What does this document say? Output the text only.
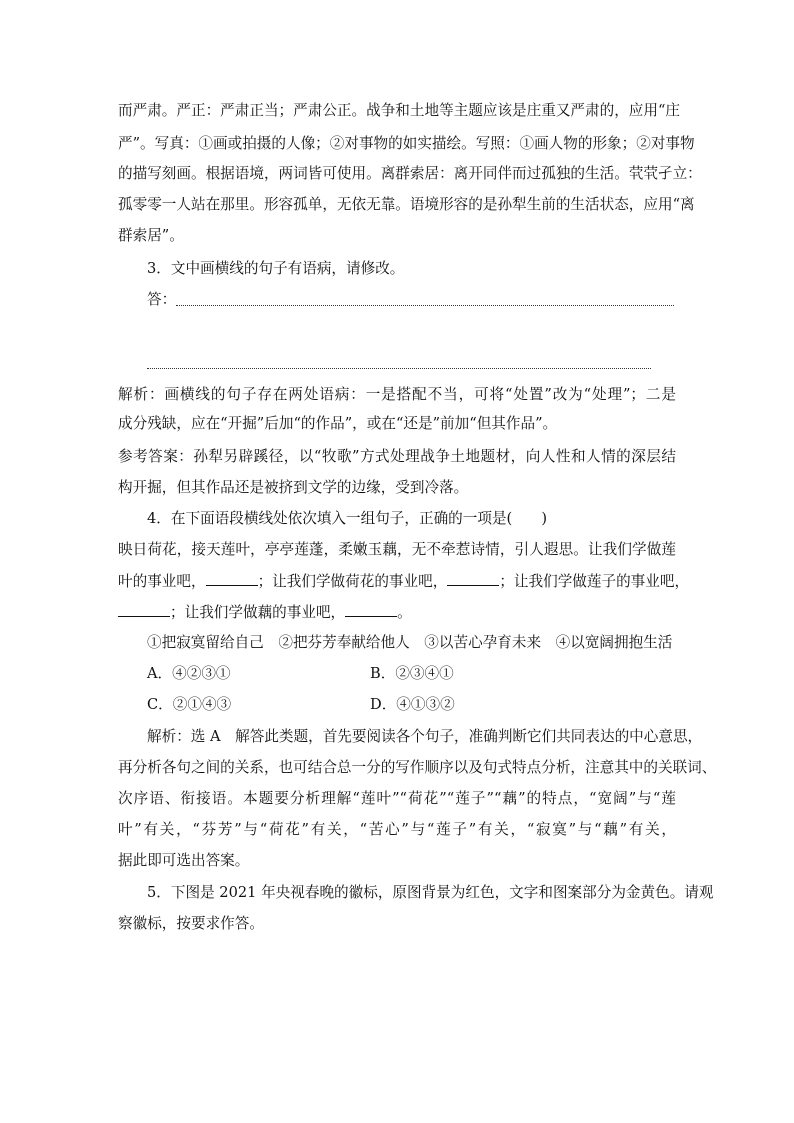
而严肃。严正：严肃正当；严肃公正。战争和土地等主题应该是庄重又严肃的，应用“庄
严”。写真：①画或拍摄的人像；②对事物的如实描绘。写照：①画人物的形象；②对事物
的描写刻画。根据语境，两词皆可使用。离群索居：离开同伴而过孤独的生活。茕茕孑立：
孤零零一人站在那里。形容孤单，无依无靠。语境形容的是孙犁生前的生活状态，应用“离
群索居”。
3．文中画横线的句子有语病，请修改。
答：
解析：画横线的句子存在两处语病：一是搭配不当，可将“处置”改为“处理”；二是
成分残缺，应在“开掘”后加“的作品”，或在“还是”前加“但其作品”。
参考答案：孙犁另辟蹊径，以“牧歌”方式处理战争土地题材，向人性和人情的深层结
构开掘，但其作品还是被挤到文学的边缘，受到冷落。
4．在下面语段横线处依次填入一组句子，正确的一项是(　　)
映日荷花，接天莲叶，亭亭莲蓬，柔嫩玉藕，无不牵惹诗情，引人遐思。让我们学做莲
叶的事业吧，	；让我们学做荷花的事业吧，	；让我们学做莲子的事业吧，
；让我们学做藕的事业吧，	。
①把寂寞留给自己　②把芬芳奉献给他人　③以苦心孕育未来　④以宽阔拥抱生活
A．④②③①	B．②③④①
C．②①④③	D．④①③②
解析：选 A　解答此类题，首先要阅读各个句子，准确判断它们共同表达的中心意思，
再分析各句之间的关系，也可结合总一分的写作顺序以及句式特点分析，注意其中的关联词、
次序语、衔接语。本题要分析理解“莲叶”“荷花”“莲子”“藕”的特点，“宽阔”与“莲
叶”有关，“芬芳”与“荷花”有关，“苦心”与“莲子”有关，“寂寞”与“藕”有关，
据此即可选出答案。
5．下图是 2021 年央视春晚的徽标，原图背景为红色，文字和图案部分为金黄色。请观
察徽标，按要求作答。
